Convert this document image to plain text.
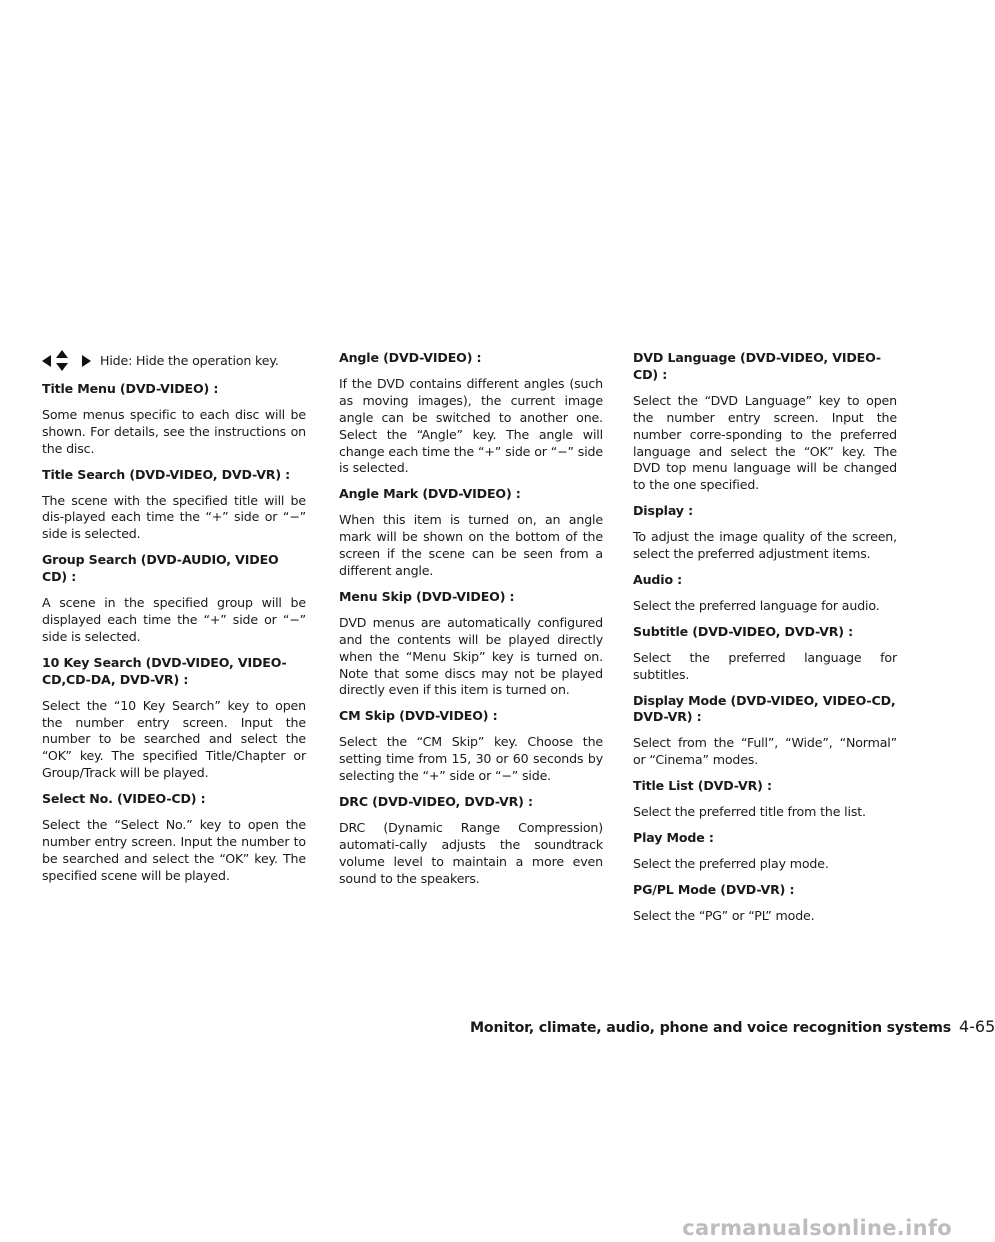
Hide: Hide the operation key.
Title Menu (DVD-VIDEO) :
Some menus specific to each disc will be shown. For details, see the instructions on the disc.
Title Search (DVD-VIDEO, DVD-VR) :
The scene with the specified title will be dis-played each time the “+” side or “−” side is selected.
Group Search (DVD-AUDIO, VIDEO CD) :
A scene in the specified group will be displayed each time the “+” side or “−” side is selected.
10 Key Search (DVD-VIDEO, VIDEO-CD,CD-DA, DVD-VR) :
Select the “10 Key Search” key to open the number entry screen. Input the number to be searched and select the “OK” key. The specified Title/Chapter or Group/Track will be played.
Select No. (VIDEO-CD) :
Select the “Select No.” key to open the number entry screen. Input the number to be searched and select the “OK” key. The specified scene will be played.
Angle (DVD-VIDEO) :
If the DVD contains different angles (such as moving images), the current image angle can be switched to another one. Select the “Angle” key. The angle will change each time the “+” side or “−” side is selected.
Angle Mark (DVD-VIDEO) :
When this item is turned on, an angle mark will be shown on the bottom of the screen if the scene can be seen from a different angle.
Menu Skip (DVD-VIDEO) :
DVD menus are automatically configured and the contents will be played directly when the “Menu Skip” key is turned on. Note that some discs may not be played directly even if this item is turned on.
CM Skip (DVD-VIDEO) :
Select the “CM Skip” key. Choose the setting time from 15, 30 or 60 seconds by selecting the “+” side or “−” side.
DRC (DVD-VIDEO, DVD-VR) :
DRC (Dynamic Range Compression) automati-cally adjusts the soundtrack volume level to maintain a more even sound to the speakers.
DVD Language (DVD-VIDEO, VIDEO-CD) :
Select the “DVD Language” key to open the number entry screen. Input the number corre-sponding to the preferred language and select the “OK” key. The DVD top menu language will be changed to the one specified.
Display :
To adjust the image quality of the screen, select the preferred adjustment items.
Audio :
Select the preferred language for audio.
Subtitle (DVD-VIDEO, DVD-VR) :
Select the preferred language for subtitles.
Display Mode (DVD-VIDEO, VIDEO-CD, DVD-VR) :
Select from the “Full”, “Wide”, “Normal” or “Cinema” modes.
Title List (DVD-VR) :
Select the preferred title from the list.
Play Mode :
Select the preferred play mode.
PG/PL Mode (DVD-VR) :
Select the “PG” or “PL” mode.
Monitor, climate, audio, phone and voice recognition systems 4-65
carmanualsonline.info
